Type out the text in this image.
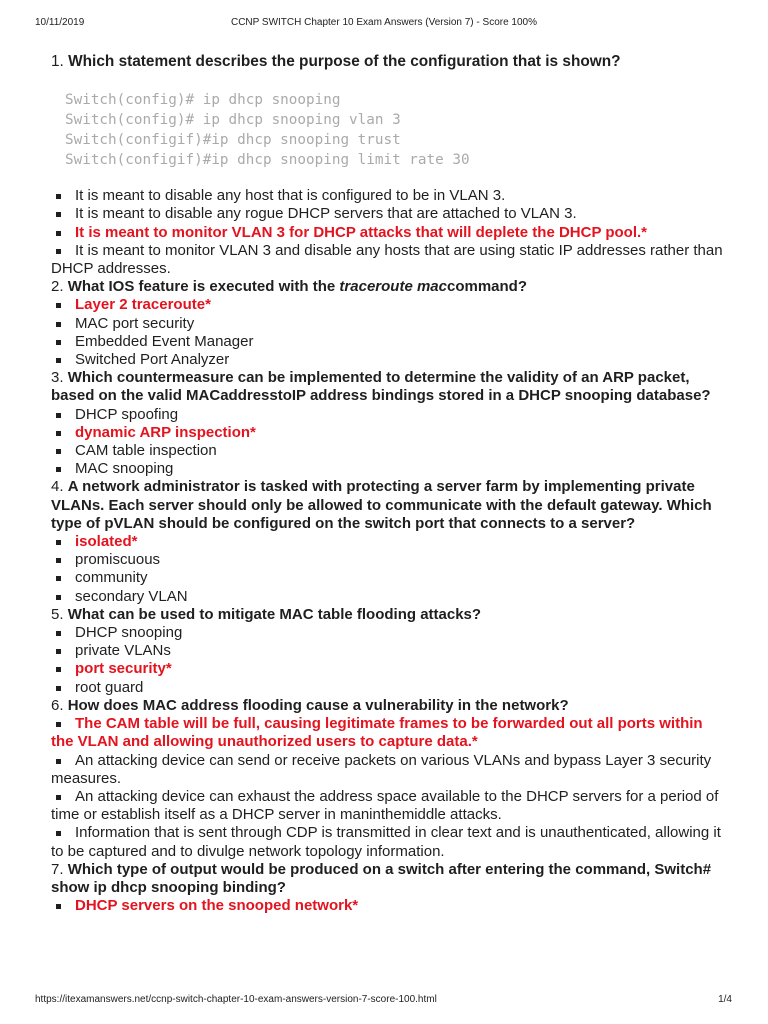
10/11/2019	CCNP SWITCH Chapter 10 Exam Answers (Version 7) - Score 100%

1. Which statement describes the purpose of the configuration that is shown?

Switch(config)# ip dhcp snooping
Switch(config)# ip dhcp snooping vlan 3
Switch(configif)#ip dhcp snooping trust
Switch(configif)#ip dhcp snooping limit rate 30
It is meant to disable any host that is configured to be in VLAN 3.
It is meant to disable any rogue DHCP servers that are attached to VLAN 3.
It is meant to monitor VLAN 3 for DHCP attacks that will deplete the DHCP pool.*
It is meant to monitor VLAN 3 and disable any hosts that are using static IP addresses rather than DHCP addresses.

2. What IOS feature is executed with the traceroute maccommand?

Layer 2 traceroute*
MAC port security
Embedded Event Manager
Switched Port Analyzer

3. Which countermeasure can be implemented to determine the validity of an ARP packet, based on the valid MACaddresstoIP address bindings stored in a DHCP snooping database?

DHCP spoofing
dynamic ARP inspection*
CAM table inspection
MAC snooping

4. A network administrator is tasked with protecting a server farm by implementing private VLANs. Each server should only be allowed to communicate with the default gateway. Which type of pVLAN should be configured on the switch port that connects to a server?

isolated*
promiscuous
community
secondary VLAN

5. What can be used to mitigate MAC table flooding attacks?

DHCP snooping
private VLANs
port security*
root guard

6. How does MAC address flooding cause a vulnerability in the network?

The CAM table will be full, causing legitimate frames to be forwarded out all ports within the VLAN and allowing unauthorized users to capture data.*
An attacking device can send or receive packets on various VLANs and bypass Layer 3 security measures.
An attacking device can exhaust the address space available to the DHCP servers for a period of time or establish itself as a DHCP server in maninthemiddle attacks.
Information that is sent through CDP is transmitted in clear text and is unauthenticated, allowing it to be captured and to divulge network topology information.

7. Which type of output would be produced on a switch after entering the command, Switch# show ip dhcp snooping binding?

DHCP servers on the snooped network*
https://itexamanswers.net/ccnp-switch-chapter-10-exam-answers-version-7-score-100.html	1/4
